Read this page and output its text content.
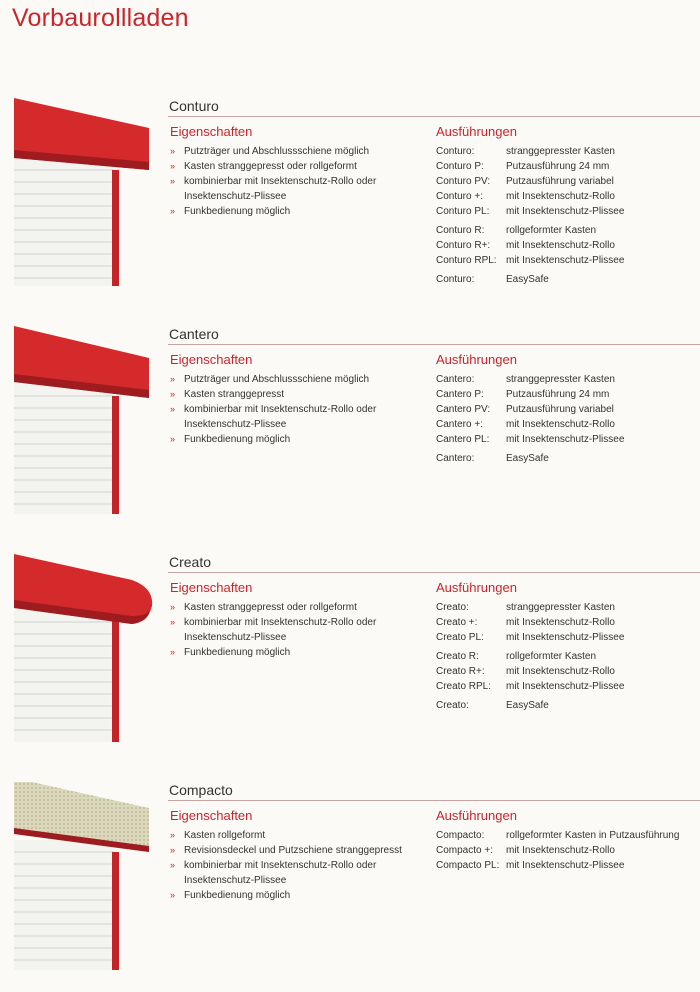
Vorbaurollladen
Conturo
Eigenschaften	Ausführungen
» Putzträger und Abschlussschiene möglich
» Kasten stranggepresst oder rollgeformt
» kombinierbar mit Insektenschutz-Rollo oder
Insektenschutz-Plissee
» Funkbedienung möglich
Conturo:	stranggepresster Kasten
Conturo P:	Putzausführung 24 mm
Conturo PV:	Putzausführung variabel
Conturo +:	mit Insektenschutz-Rollo
Conturo PL:	mit Insektenschutz-Plissee
Conturo R:	rollgeformter Kasten
Conturo R+:	mit Insektenschutz-Rollo
Conturo RPL: mit Insektenschutz-Plissee
Conturo:	EasySafe
Cantero
Eigenschaften	Ausführungen
» Putzträger und Abschlussschiene möglich
» Kasten stranggepresst
» kombinierbar mit Insektenschutz-Rollo oder
Insektenschutz-Plissee
» Funkbedienung möglich
Cantero:	stranggepresster Kasten
Cantero P:	Putzausführung 24 mm
Cantero PV:	Putzausführung variabel
Cantero +:	mit Insektenschutz-Rollo
Cantero PL:	mit Insektenschutz-Plissee
Cantero:	EasySafe
Creato
Eigenschaften	Ausführungen
» Kasten stranggepresst oder rollgeformt
» kombinierbar mit Insektenschutz-Rollo oder
Insektenschutz-Plissee
» Funkbedienung möglich
Creato:	stranggepresster Kasten
Creato +:	mit Insektenschutz-Rollo
Creato PL:	mit Insektenschutz-Plissee
Creato R:	rollgeformter Kasten
Creato R+:	mit Insektenschutz-Rollo
Creato RPL:	mit Insektenschutz-Plissee
Creato:	EasySafe
Compacto
Eigenschaften	Ausführungen
» Kasten rollgeformt
» Revisionsdeckel und Putzschiene stranggepresst
» kombinierbar mit Insektenschutz-Rollo oder
Insektenschutz-Plissee
» Funkbedienung möglich
Compacto:	rollgeformter Kasten in Putzausführung
Compacto +:	mit Insektenschutz-Rollo
Compacto PL: mit Insektenschutz-Plissee
